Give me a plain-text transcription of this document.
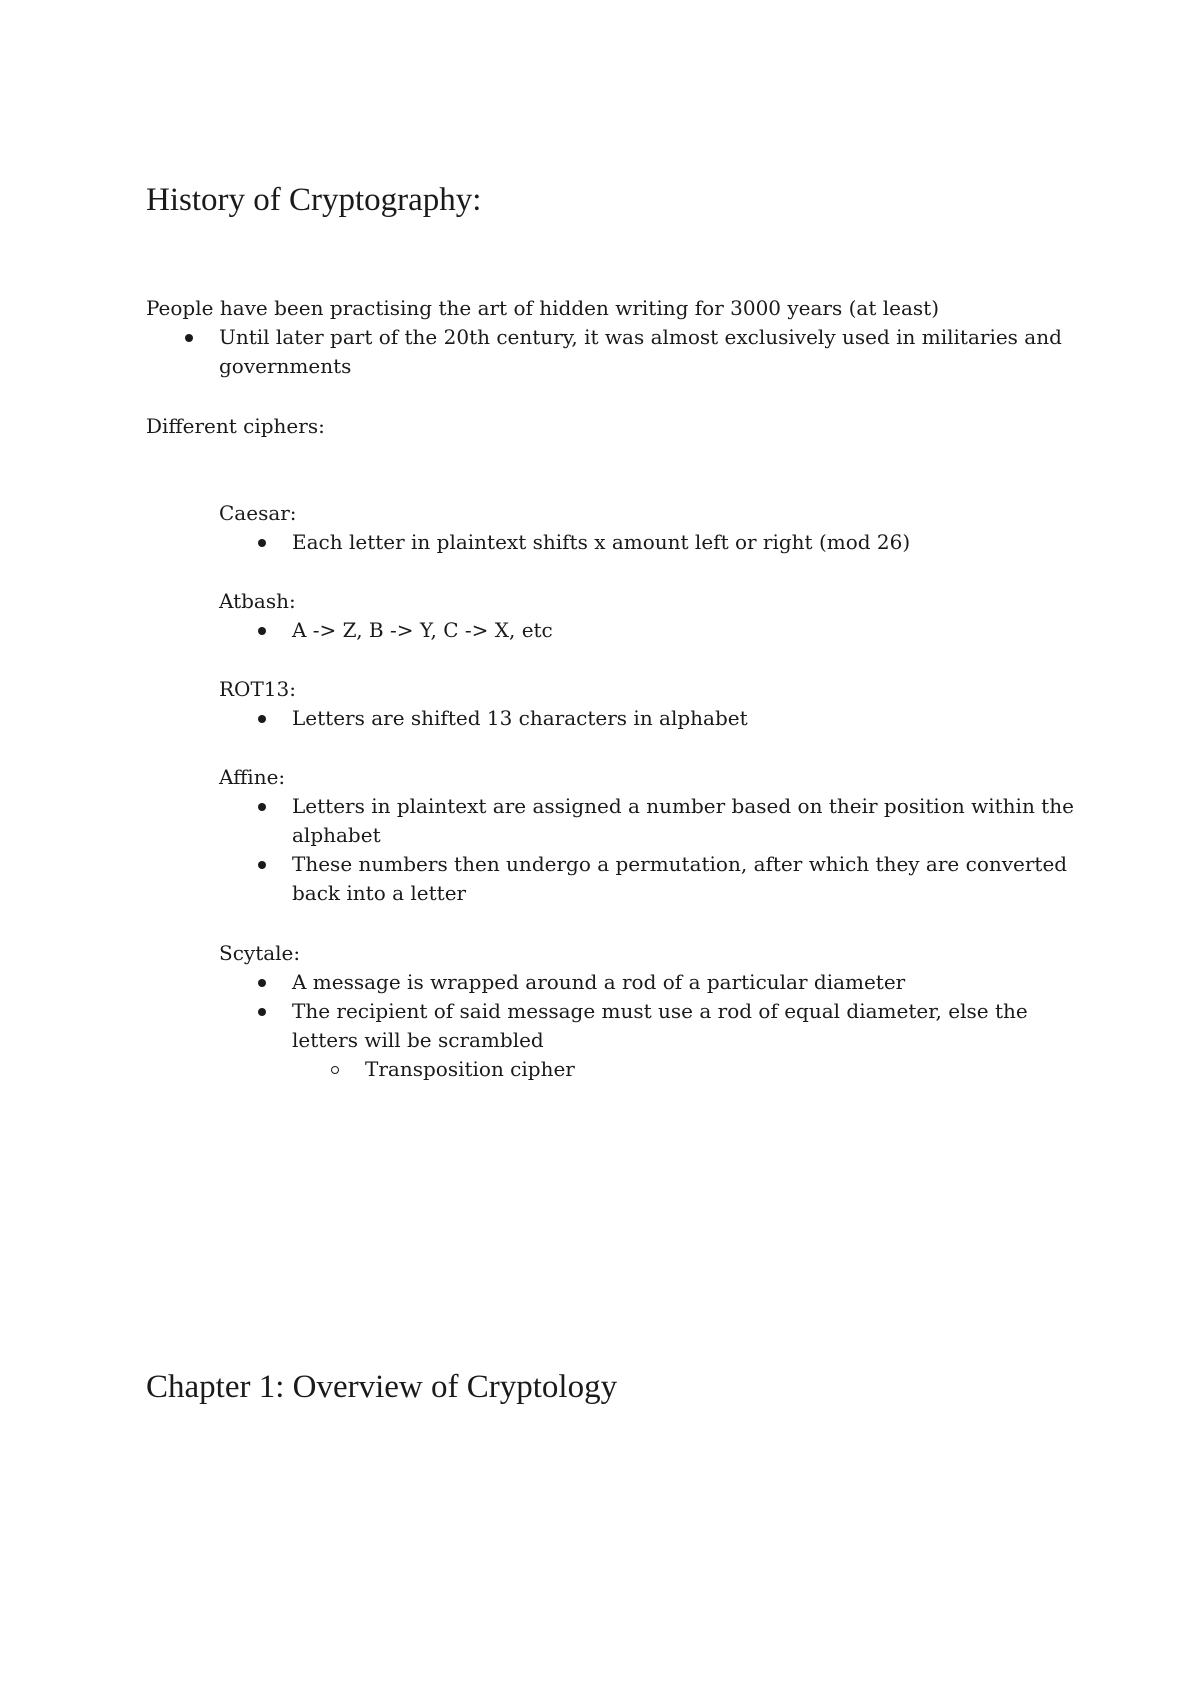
History of Cryptography:

People have been practising the art of hidden writing for 3000 years (at least)

Until later part of the 20th century, it was almost exclusively used in militaries and

governments

Different ciphers:

Caesar:

Each letter in plaintext shifts x amount left or right (mod 26)

Atbash:

A -> Z, B -> Y, C -> X, etc

ROT13:

Letters are shifted 13 characters in alphabet

Affine:

Letters in plaintext are assigned a number based on their position within the

alphabet

These numbers then undergo a permutation, after which they are converted

back into a letter

Scytale:

A message is wrapped around a rod of a particular diameter

The recipient of said message must use a rod of equal diameter, else the

letters will be scrambled

Transposition cipher

Chapter 1: Overview of Cryptology
